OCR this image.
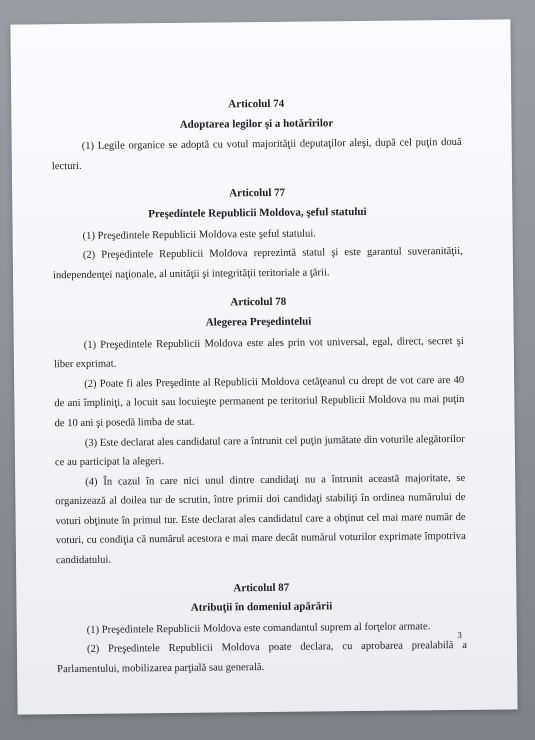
Articolul 74

Adoptarea legilor şi a hotărîrilor

(1) Legile organice se adoptă cu votul majorităţii deputaţilor aleşi, după cel puţin două lecturi.

Articolul 77

Preşedintele Republicii Moldova, şeful statului

(1) Preşedintele Republicii Moldova este şeful statului.

(2) Preşedintele Republicii Moldova reprezintă statul şi este garantul suveranităţii, independenţei naţionale, al unităţii şi integrităţii teritoriale a ţării.

Articolul 78

Alegerea Preşedintelui

(1) Preşedintele Republicii Moldova este ales prin vot universal, egal, direct, secret şi liber exprimat.

(2) Poate fi ales Preşedinte al Republicii Moldova cetăţeanul cu drept de vot care are 40 de ani împliniţi, a locuit sau locuieşte permanent pe teritoriul Republicii Moldova nu mai puţin de 10 ani şi posedă limba de stat.

(3) Este declarat ales candidatul care a întrunit cel puţin jumătate din voturile alegătorilor ce au participat la alegeri.

(4) În cazul în care nici unul dintre candidaţi nu a întrunit această majoritate, se organizează al doilea tur de scrutin, între primii doi candidaţi stabiliţi în ordinea numărului de voturi obţinute în primul tur. Este declarat ales candidatul care a obţinut cel mai mare număr de voturi, cu condiţia că numărul acestora e mai mare decât numărul voturilor exprimate împotriva candidatului.

Articolul 87

Atribuţii în domeniul apărării

(1) Preşedintele Republicii Moldova este comandantul suprem al forţelor armate.

(2) Preşedintele Republicii Moldova poate declara, cu aprobarea prealabilă a Parlamentului, mobilizarea parţială sau generală.

3
